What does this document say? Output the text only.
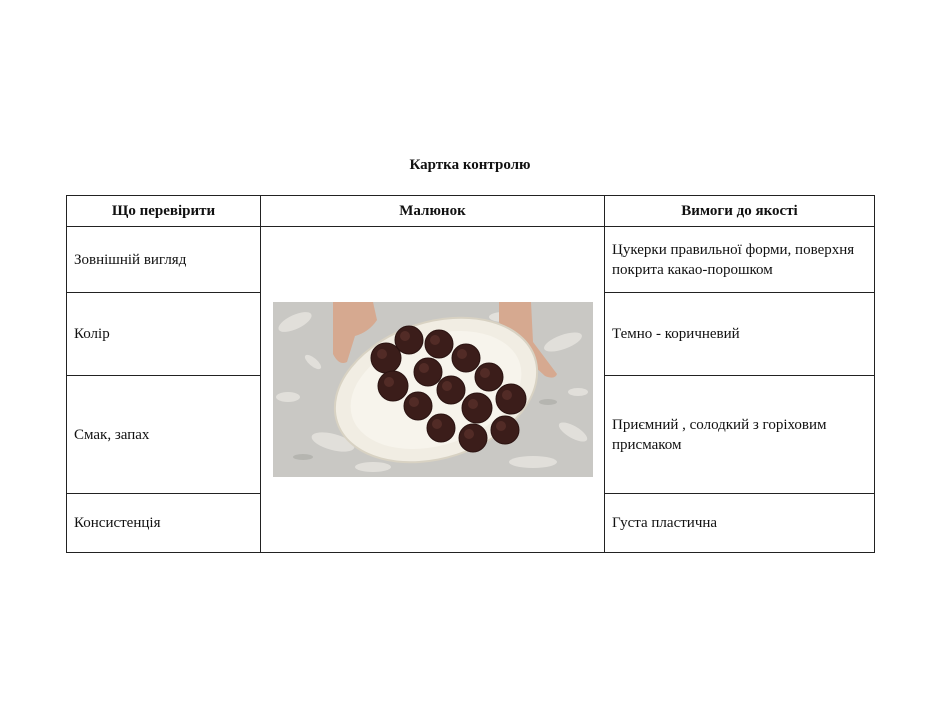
Картка контролю
Що перевірити	Малюнок	Вимоги до якості
Зовнішній вигляд		Цукерки правильної форми, поверхня покрита какао-порошком
Колір		Темно - коричневий
Смак, запах		Приємний , солодкий з горіховим присмаком
Консистенція		Густа пластична
